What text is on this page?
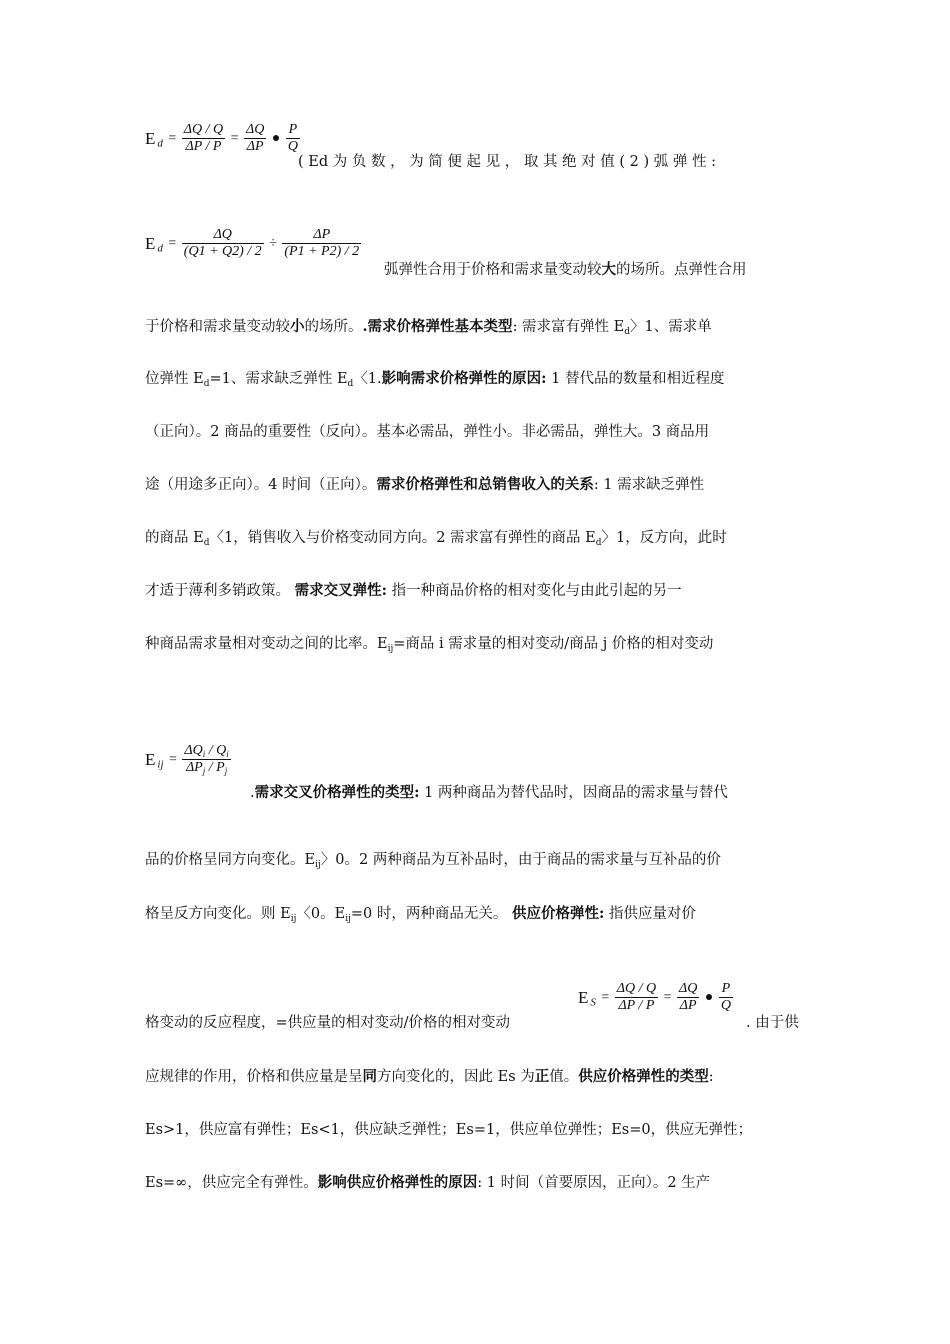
E $_d = \frac{\Delta Q / Q}{\Delta P / P} = \frac{\Delta Q}{\Delta P}$ ● $\frac{P}{Q}$
( Ed 为 负 数 ， 为 简 便 起 见 ， 取 其 绝 对 值 ( 2 ) 弧 弹 性 :
E $_d = \frac{\Delta Q}{(Q1 + Q2) / 2} \div \frac{\Delta P}{(P1 + P2) / 2}$
弧弹性合用于价格和需求量变动较大的场所。点弹性合用
于价格和需求量变动较小的场所。.需求价格弹性基本类型: 需求富有弹性 $E_d$〉1、需求单
位弹性 $E_d=1$、需求缺乏弹性 $E_d$〈1.影响需求价格弹性的原因: 1 替代品的数量和相近程度
（正向）。2 商品的重要性（反向）。基本必需品，弹性小。非必需品，弹性大。3 商品用
途（用途多正向）。4 时间（正向）。需求价格弹性和总销售收入的关系: 1 需求缺乏弹性
的商品 $E_d$〈1，销售收入与价格变动同方向。2 需求富有弹性的商品 $E_d$〉1，反方向，此时
才适于薄利多销政策。 需求交叉弹性: 指一种商品价格的相对变化与由此引起的另一
种商品需求量相对变动之间的比率。$E_{ij}=$商品 i 需求量的相对变动/商品 j 价格的相对变动
E $_{ij} = \frac{\Delta Q_i / Q_i}{\Delta P_j / P_j}$
.需求交叉价格弹性的类型: 1 两种商品为替代品时，因商品的需求量与替代
品的价格呈同方向变化。$E_{ij}$〉0。2 两种商品为互补品时，由于商品的需求量与互补品的价
格呈反方向变化。则 $E_{ij}$〈0。$E_{ij}=0$ 时，两种商品无关。 供应价格弹性: 指供应量对价
E $_S = \frac{\Delta Q / Q}{\Delta P / P} = \frac{\Delta Q}{\Delta P}$ ● $\frac{P}{Q}$
格变动的反应程度，=供应量的相对变动/价格的相对变动	. 由于供
应规律的作用，价格和供应量是呈同方向变化的，因此 Es 为正值。供应价格弹性的类型:
Es>1，供应富有弹性；Es<1，供应缺乏弹性；Es=1，供应单位弹性；Es=0，供应无弹性；
Es=∞，供应完全有弹性。影响供应价格弹性的原因: 1 时间（首要原因，正向）。2 生产
